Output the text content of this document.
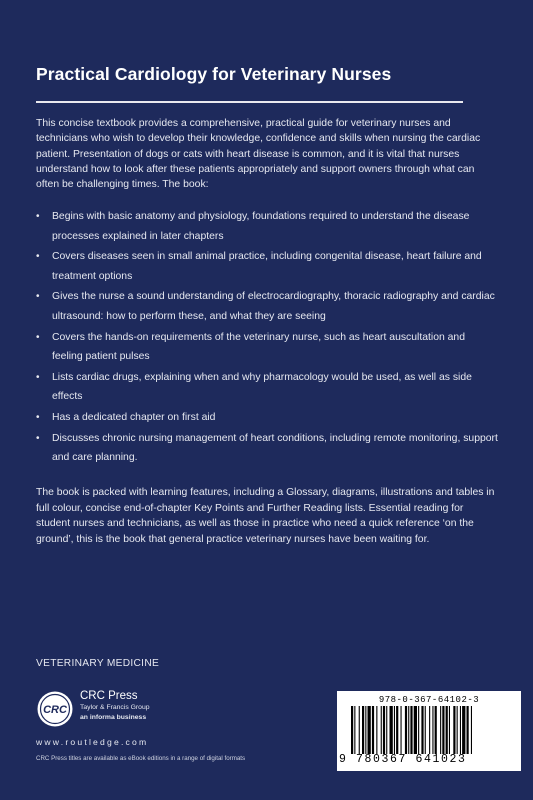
Practical Cardiology for Veterinary Nurses

This concise textbook provides a comprehensive, practical guide for veterinary nurses and technicians who wish to develop their knowledge, confidence and skills when nursing the cardiac patient. Presentation of dogs or cats with heart disease is common, and it is vital that nurses understand how to look after these patients appropriately and support owners through what can often be challenging times. The book:

• Begins with basic anatomy and physiology, foundations required to understand the disease processes explained in later chapters
• Covers diseases seen in small animal practice, including congenital disease, heart failure and treatment options
• Gives the nurse a sound understanding of electrocardiography, thoracic radiography and cardiac ultrasound: how to perform these, and what they are seeing
• Covers the hands-on requirements of the veterinary nurse, such as heart auscultation and feeling patient pulses
• Lists cardiac drugs, explaining when and why pharmacology would be used, as well as side effects
• Has a dedicated chapter on first aid
• Discusses chronic nursing management of heart conditions, including remote monitoring, support and care planning.

The book is packed with learning features, including a Glossary, diagrams, illustrations and tables in full colour, concise end-of-chapter Key Points and Further Reading lists. Essential reading for student nurses and technicians, as well as those in practice who need a quick reference ‘on the ground’, this is the book that general practice veterinary nurses have been waiting for.

VETERINARY MEDICINE
CRC
CRC Press
Taylor & Francis Group
an informa business
www.routledge.com
CRC Press titles are available as eBook editions in a range of digital formats
978-0-367-64102-3
9 780367 641023
